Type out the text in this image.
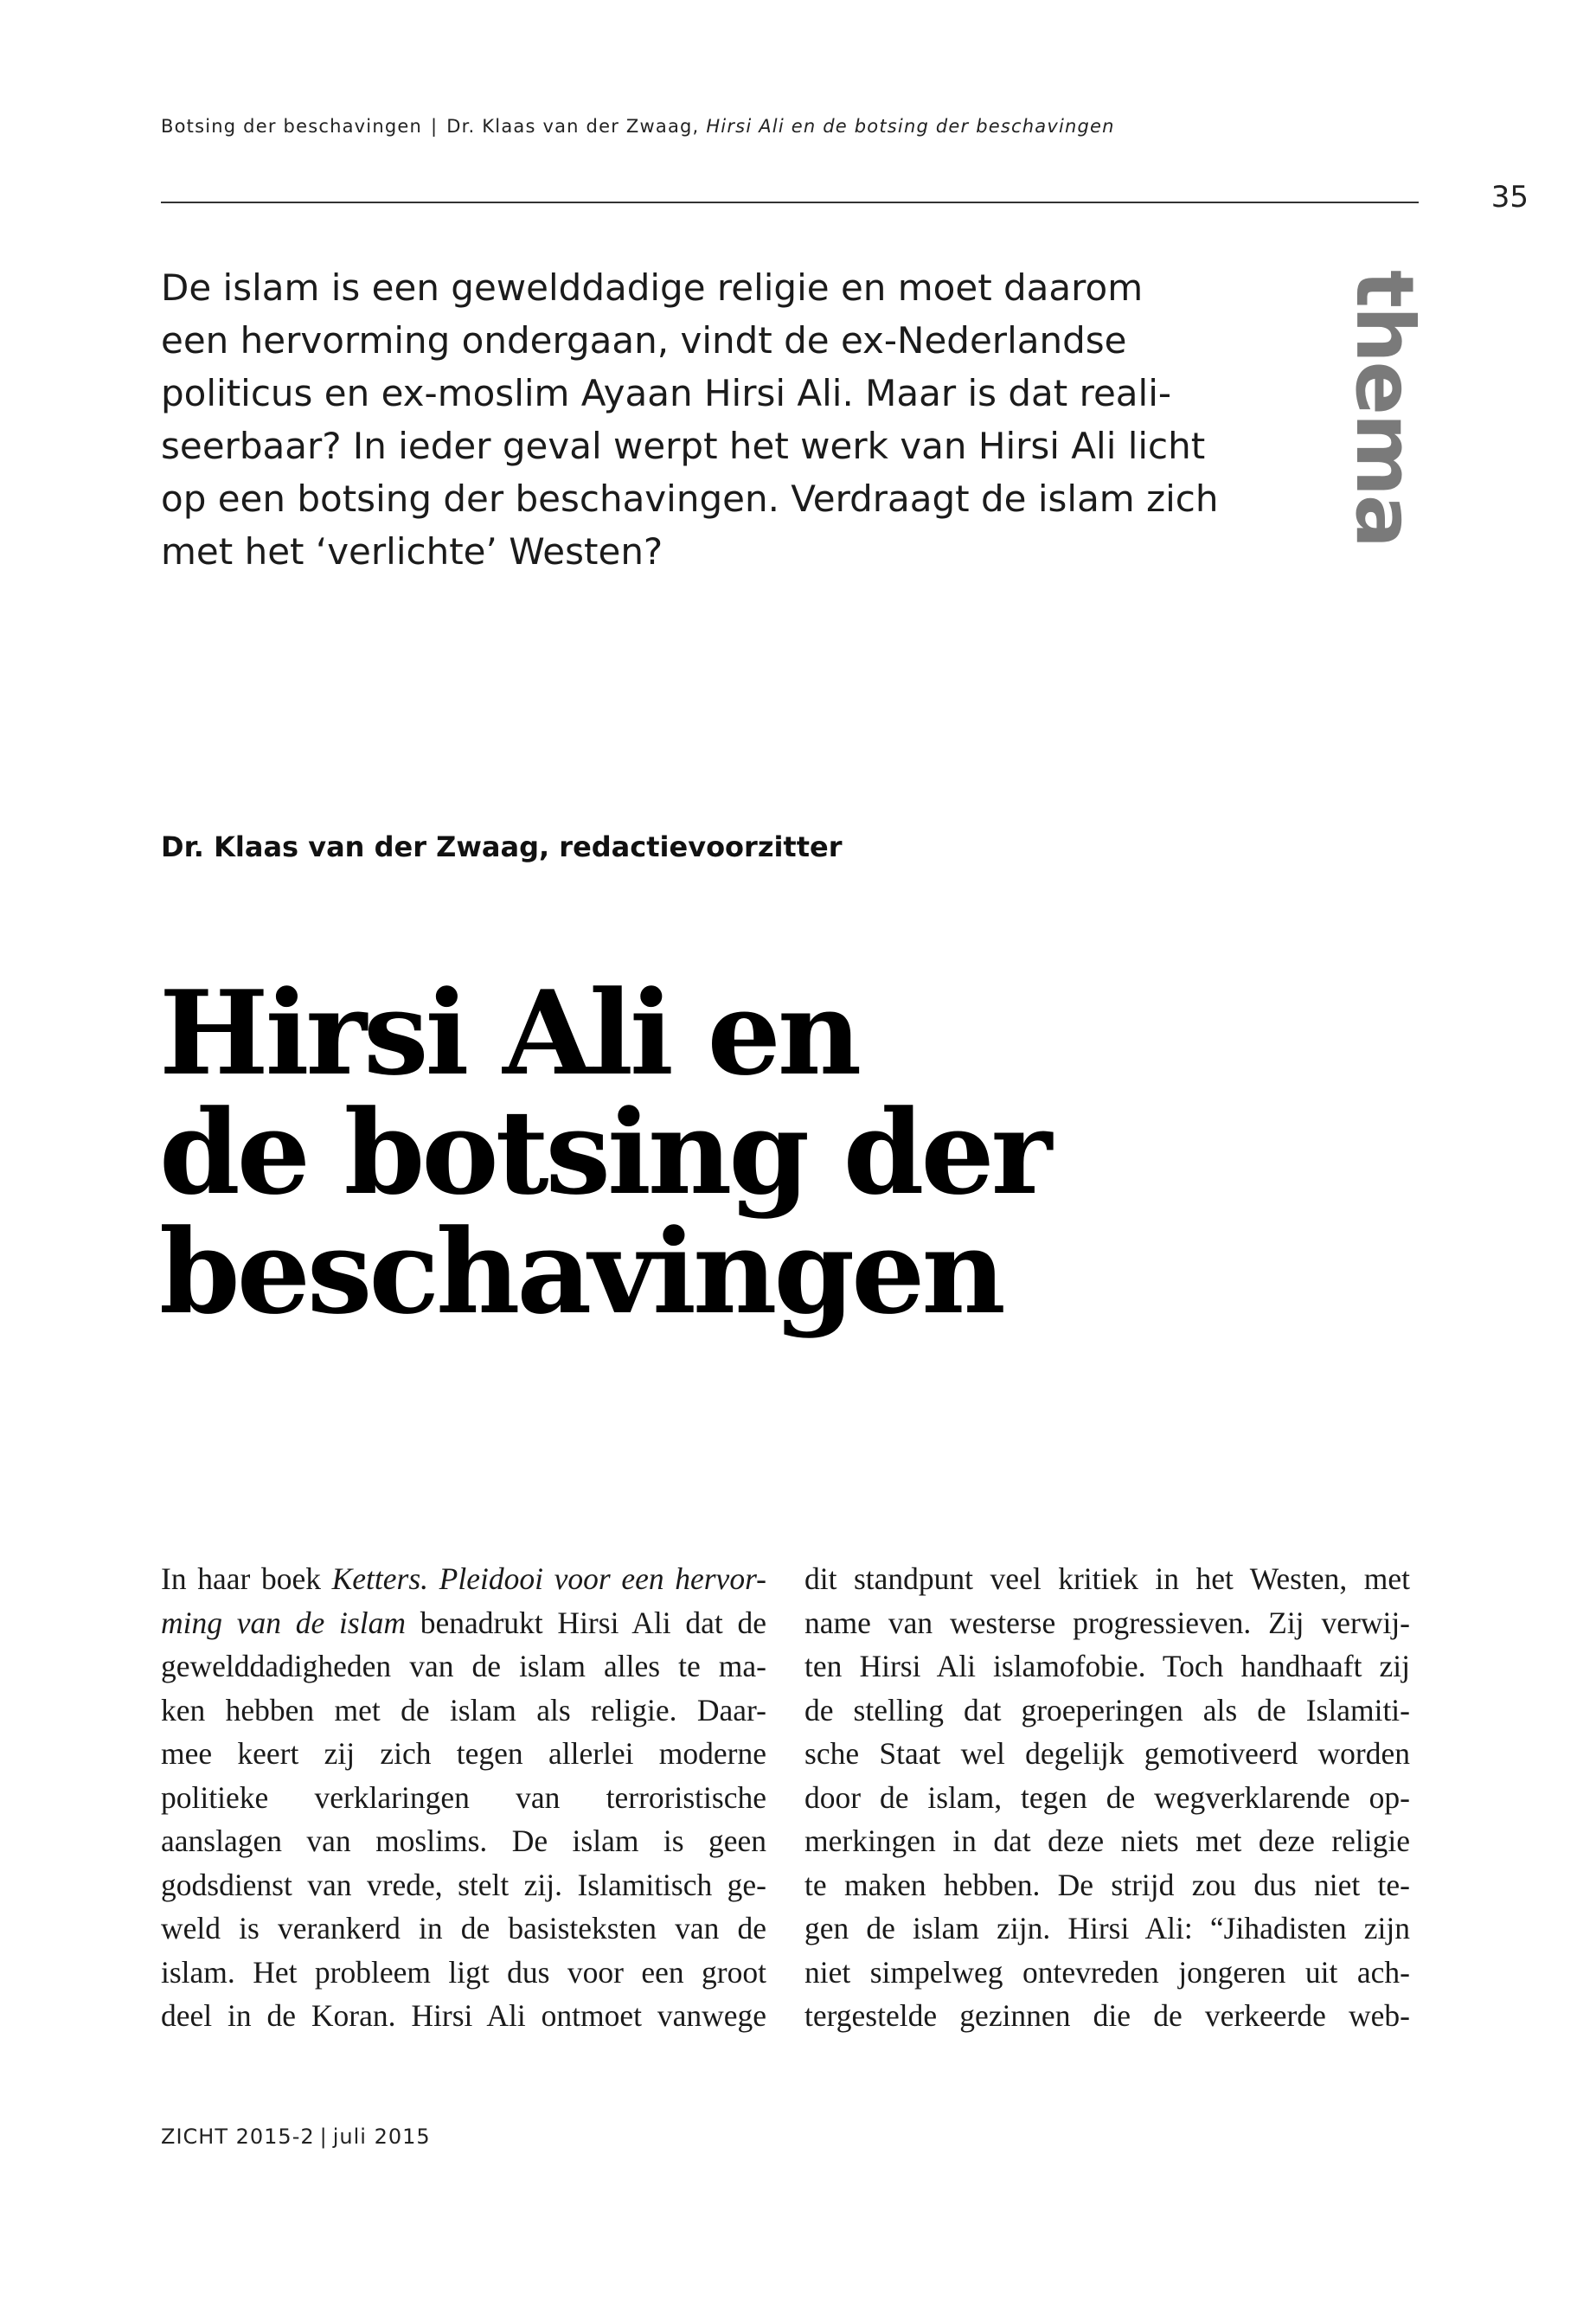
Botsing der beschavingen | Dr. Klaas van der Zwaag, Hirsi Ali en de botsing der beschavingen
35
thema

De islam is een gewelddadige religie en moet daarom
een hervorming ondergaan, vindt de ex-Nederlandse
politicus en ex-moslim Ayaan Hirsi Ali. Maar is dat reali-
seerbaar? In ieder geval werpt het werk van Hirsi Ali licht
op een botsing der beschavingen. Verdraagt de islam zich
met het ‘verlichte’ Westen?

Dr. Klaas van der Zwaag, redactievoorzitter

Hirsi Ali en
de botsing der
beschavingen

In haar boek Ketters. Pleidooi voor een hervor-
ming van de islam benadrukt Hirsi Ali dat de
gewelddadigheden van de islam alles te ma-
ken hebben met de islam als religie. Daar-
mee keert zij zich tegen allerlei moderne
politieke verklaringen van terroristische
aanslagen van moslims. De islam is geen
godsdienst van vrede, stelt zij. Islamitisch ge-
weld is verankerd in de basisteksten van de
islam. Het probleem ligt dus voor een groot
deel in de Koran. Hirsi Ali ontmoet vanwege

dit standpunt veel kritiek in het Westen, met
name van westerse progressieven. Zij verwij-
ten Hirsi Ali islamofobie. Toch handhaaft zij
de stelling dat groeperingen als de Islamiti-
sche Staat wel degelijk gemotiveerd worden
door de islam, tegen de wegverklarende op-
merkingen in dat deze niets met deze religie
te maken hebben. De strijd zou dus niet te-
gen de islam zijn. Hirsi Ali: “Jihadisten zijn
niet simpelweg ontevreden jongeren uit ach-
tergestelde gezinnen die de verkeerde web-

ZICHT 2015-2 | juli 2015
